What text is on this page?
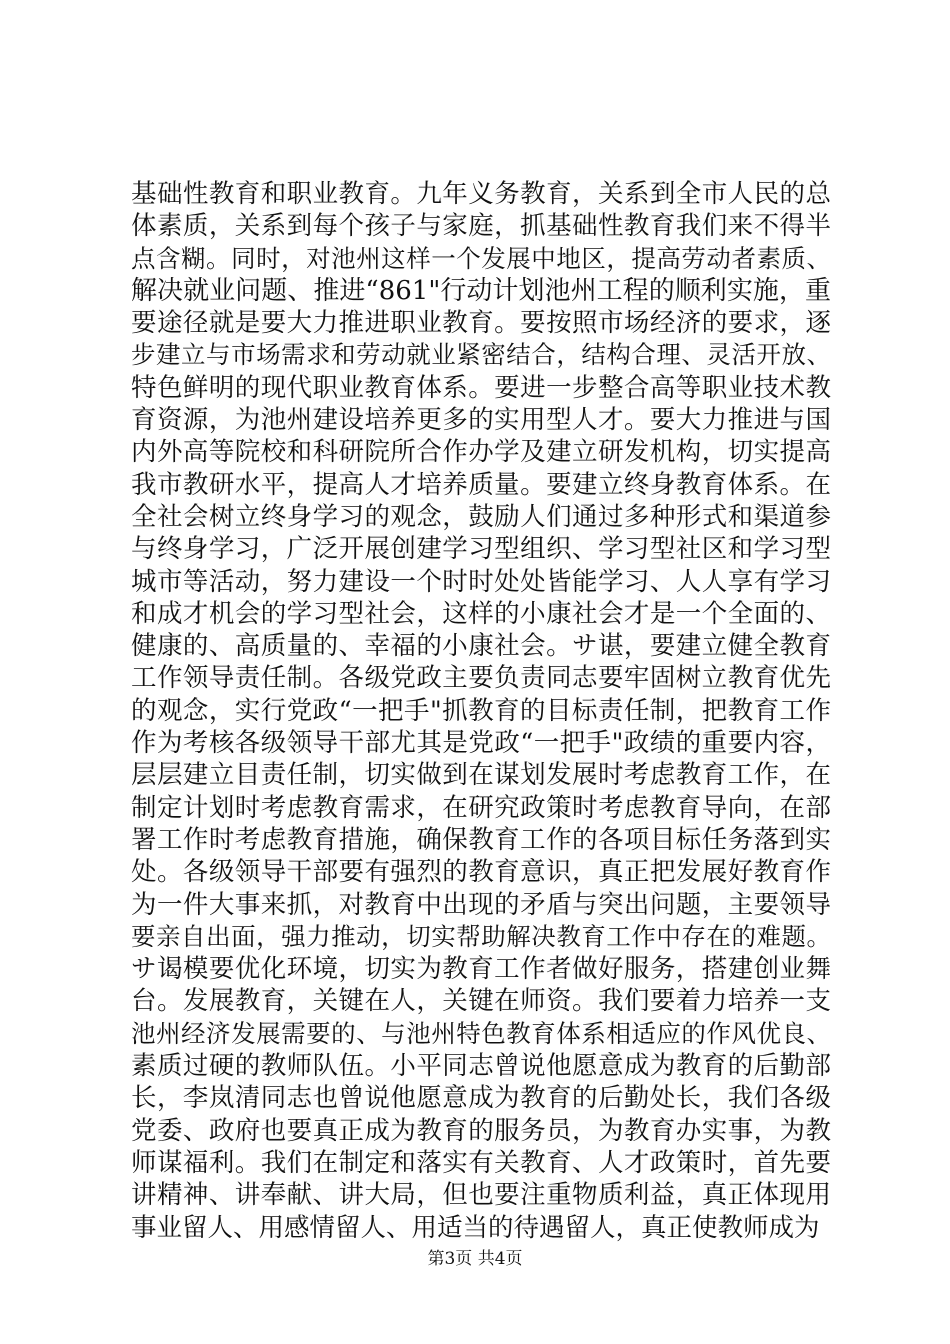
基础性教育和职业教育。九年义务教育，关系到全市人民的总
体素质，关系到每个孩子与家庭，抓基础性教育我们来不得半
点含糊。同时，对池州这样一个发展中地区，提高劳动者素质、
解决就业问题、推进“861"行动计划池州工程的顺利实施，重
要途径就是要大力推进职业教育。要按照市场经济的要求，逐
步建立与市场需求和劳动就业紧密结合，结构合理、灵活开放、
特色鲜明的现代职业教育体系。要进一步整合高等职业技术教
育资源，为池州建设培养更多的实用型人才。要大力推进与国
内外高等院校和科研院所合作办学及建立研发机构，切实提高
我市教研水平，提高人才培养质量。要建立终身教育体系。在
全社会树立终身学习的观念，鼓励人们通过多种形式和渠道参
与终身学习，广泛开展创建学习型组织、学习型社区和学习型
城市等活动，努力建设一个时时处处皆能学习、人人享有学习
和成才机会的学习型社会，这样的小康社会才是一个全面的、
健康的、高质量的、幸福的小康社会。サ谌，要建立健全教育
工作领导责任制。各级党政主要负责同志要牢固树立教育优先
的观念，实行党政“一把手"抓教育的目标责任制，把教育工作
作为考核各级领导干部尤其是党政“一把手"政绩的重要内容，
层层建立目责任制，切实做到在谋划发展时考虑教育工作，在
制定计划时考虑教育需求，在研究政策时考虑教育导向，在部
署工作时考虑教育措施，确保教育工作的各项目标任务落到实
处。各级领导干部要有强烈的教育意识，真正把发展好教育作
为一件大事来抓，对教育中出现的矛盾与突出问题，主要领导
要亲自出面，强力推动，切实帮助解决教育工作中存在的难题。
サ谒模要优化环境，切实为教育工作者做好服务，搭建创业舞
台。发展教育，关键在人，关键在师资。我们要着力培养一支
池州经济发展需要的、与池州特色教育体系相适应的作风优良、
素质过硬的教师队伍。小平同志曾说他愿意成为教育的后勤部
长，李岚清同志也曾说他愿意成为教育的后勤处长，我们各级
党委、政府也要真正成为教育的服务员，为教育办实事，为教
师谋福利。我们在制定和落实有关教育、人才政策时，首先要
讲精神、讲奉献、讲大局，但也要注重物质利益，真正体现用
事业留人、用感情留人、用适当的待遇留人，真正使教师成为
第3页 共4页
